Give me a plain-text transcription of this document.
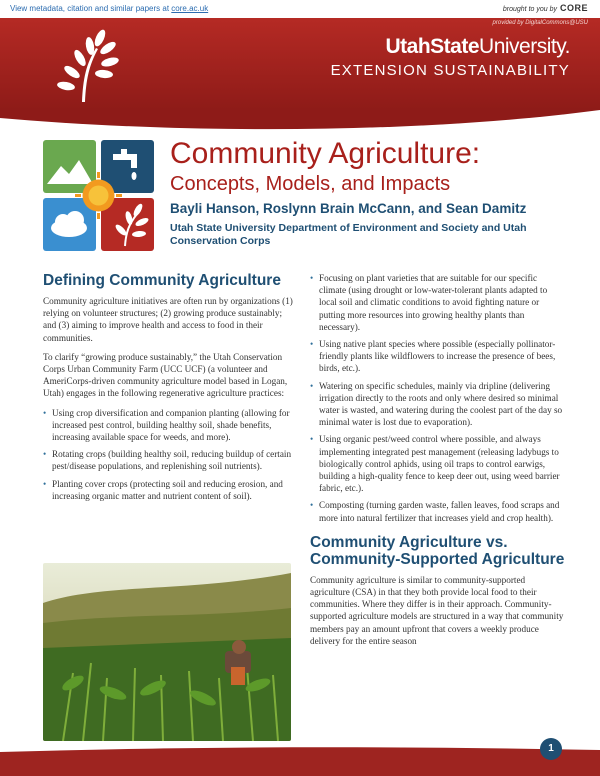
View metadata, citation and similar papers at core.ac.uk	brought to you by CORE
provided by DigitalCommons@USU
UtahStateUniversity.
EXTENSION SUSTAINABILITY
Community Agriculture:
Concepts, Models, and Impacts
Bayli Hanson, Roslynn Brain McCann, and Sean Damitz
Utah State University Department of Environment and Society and Utah Conservation Corps
Defining Community Agriculture

Community agriculture initiatives are often run by organizations (1) relying on volunteer structures; (2) growing produce sustainably; and (3) aiming to improve health and access to food in their communities.

To clarify “growing produce sustainably,” the Utah Conservation Corps Urban Community Farm (UCC UCF) (a volunteer and AmeriCorps-driven community agriculture model based in Logan, Utah) engages in the following regenerative agriculture practices:

• Using crop diversification and companion planting (allowing for increased pest control, building healthy soil, shade benefits, increasing available space for weeds, and more).
• Rotating crops (building healthy soil, reducing buildup of certain pest/disease populations, and replenishing soil nutrients).
• Planting cover crops (protecting soil and reducing erosion, and increasing organic matter and nutrient content of soil).
• Focusing on plant varieties that are suitable for our specific climate (using drought or low-water-tolerant plants adapted to local soil and climatic conditions to avoid fighting nature or putting more resources into growing healthy plants than necessary).
• Using native plant species where possible (especially pollinator-friendly plants like wildflowers to increase the presence of bees, birds, etc.).
• Watering on specific schedules, mainly via dripline (delivering irrigation directly to the roots and only where desired so minimal water is wasted, and watering during the coolest part of the day so minimal water is lost due to evaporation).
• Using organic pest/weed control where possible, and always implementing integrated pest management (releasing ladybugs to biologically control aphids, using oil traps to control earwigs, building a high-quality fence to keep deer out, using weed barrier fabric, etc.).
• Composting (turning garden waste, fallen leaves, food scraps and more into natural fertilizer that increases yield and crop health).
Community Agriculture vs. Community-Supported Agriculture

Community agriculture is similar to community-supported agriculture (CSA) in that they both provide local food to their communities. Where they differ is in their approach. Community-supported agriculture models are structured in a way that community members pay an amount upfront that covers a weekly produce delivery for the entire season

1
